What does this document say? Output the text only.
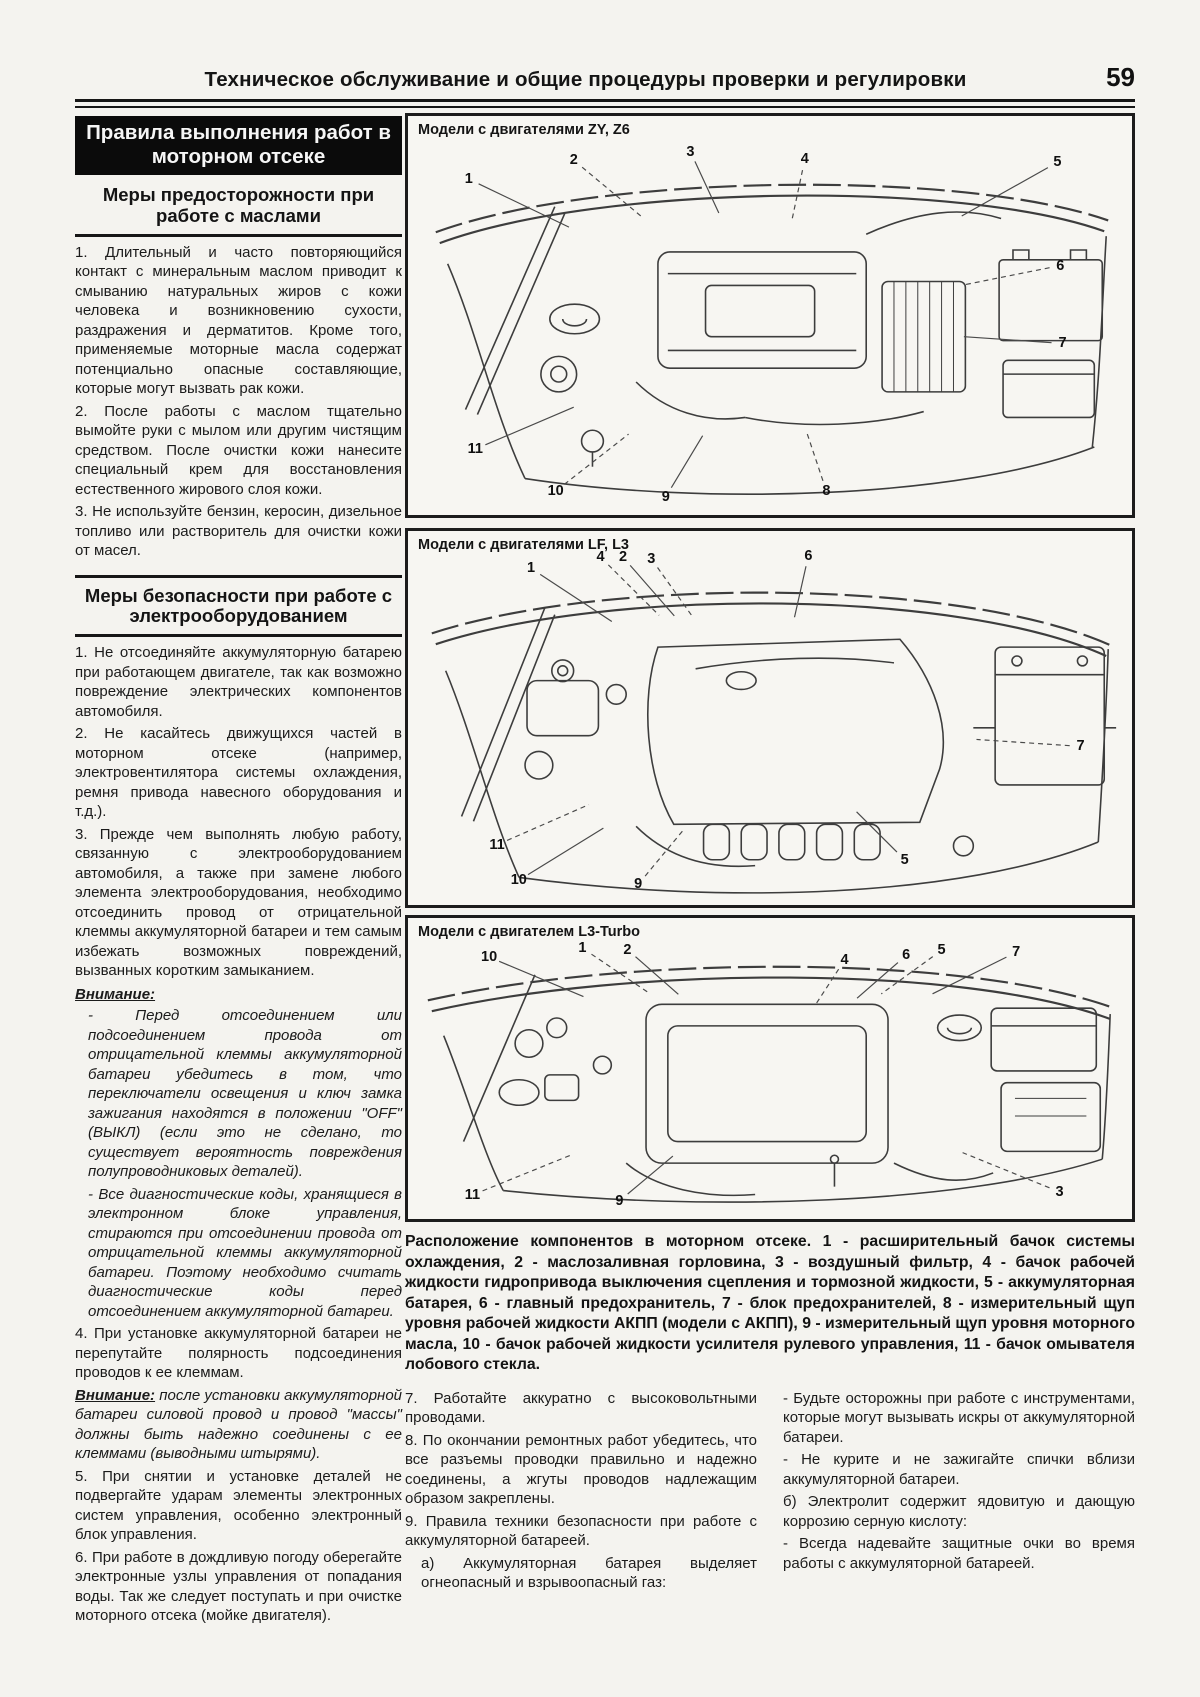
Техническое обслуживание и общие процедуры проверки и регулировки	59
Правила выполнения работ в моторном отсеке
Меры предосторожности при работе с маслами

1. Длительный и часто повторяющийся контакт с минеральным маслом приводит к смыванию натуральных жиров с кожи человека и возникновению сухости, раздражения и дерматитов. Кроме того, применяемые моторные масла содержат потенциально опасные составляющие, которые могут вызвать рак кожи.

2. После работы с маслом тщательно вымойте руки с мылом или другим чистящим средством. После очистки кожи нанесите специальный крем для восстановления естественного жирового слоя кожи.

3. Не используйте бензин, керосин, дизельное топливо или растворитель для очистки кожи от масел.

Меры безопасности при работе с электрооборудованием

1. Не отсоединяйте аккумуляторную батарею при работающем двигателе, так как возможно повреждение электрических компонентов автомобиля.

2. Не касайтесь движущихся частей в моторном отсеке (например, электровентилятора системы охлаждения, ремня привода навесного оборудования и т.д.).

3. Прежде чем выполнять любую работу, связанную с электрооборудованием автомобиля, а также при замене любого элемента электрооборудования, необходимо отсоединить провод от отрицательной клеммы аккумуляторной батареи и тем самым избежать возможных повреждений, вызванных коротким замыканием.

Внимание:
- Перед отсоединением или подсоединением провода от отрицательной клеммы аккумуляторной батареи убедитесь в том, что переключатели освещения и ключ замка зажигания находятся в положении "OFF" (ВЫКЛ) (если это не сделано, то существует вероятность повреждения полупроводниковых деталей).
- Все диагностические коды, хранящиеся в электронном блоке управления, стираются при отсоединении провода от отрицательной клеммы аккумуляторной батареи. Поэтому необходимо считать диагностические коды перед отсоединением аккумуляторной батареи.

4. При установке аккумуляторной батареи не перепутайте полярность подсоединения проводов к ее клеммам.

Внимание: после установки аккумуляторной батареи силовой провод и провод "массы" должны быть надежно соединены с ее клеммами (выводными штырями).

5. При снятии и установке деталей не подвергайте ударам элементы электронных систем управления, особенно электронный блок управления.

6. При работе в дождливую погоду оберегайте электронные узлы управления от попадания воды. Так же следует поступать и при очистке моторного отсека (мойке двигателя).

Модели с двигателями ZY, Z6
1
2
3	4	5
6
7
8
9
10
11
Модели с двигателями LF, L3
1
4 2 3	6
7
5
9
10
11
Модели с двигателем L3-Turbo
10
1	2
4	6 5	7
11	9
3
Расположение компонентов в моторном отсеке. 1 - расширительный бачок системы охлаждения, 2 - маслозаливная горловина, 3 - воздушный фильтр, 4 - бачок рабочей жидкости гидропривода выключения сцепления и тормозной жидкости, 5 - аккумуляторная батарея, 6 - главный предохранитель, 7 - блок предохранителей, 8 - измерительный щуп уровня рабочей жидкости АКПП (модели с АКПП), 9 - измерительный щуп уровня моторного масла, 10 - бачок рабочей жидкости усилителя рулевого управления, 11 - бачок омывателя лобового стекла.

7. Работайте аккуратно с высоковольтными проводами.

8. По окончании ремонтных работ убедитесь, что все разъемы проводки правильно и надежно соединены, а жгуты проводов надлежащим образом закреплены.

9. Правила техники безопасности при работе с аккумуляторной батареей.

а) Аккумуляторная батарея выделяет огнеопасный и взрывоопасный газ:

- Будьте осторожны при работе с инструментами, которые могут вызывать искры от аккумуляторной батареи.

- Не курите и не зажигайте спички вблизи аккумуляторной батареи.

б) Электролит содержит ядовитую и дающую коррозию серную кислоту:

- Всегда надевайте защитные очки во время работы с аккумуляторной батареей.
